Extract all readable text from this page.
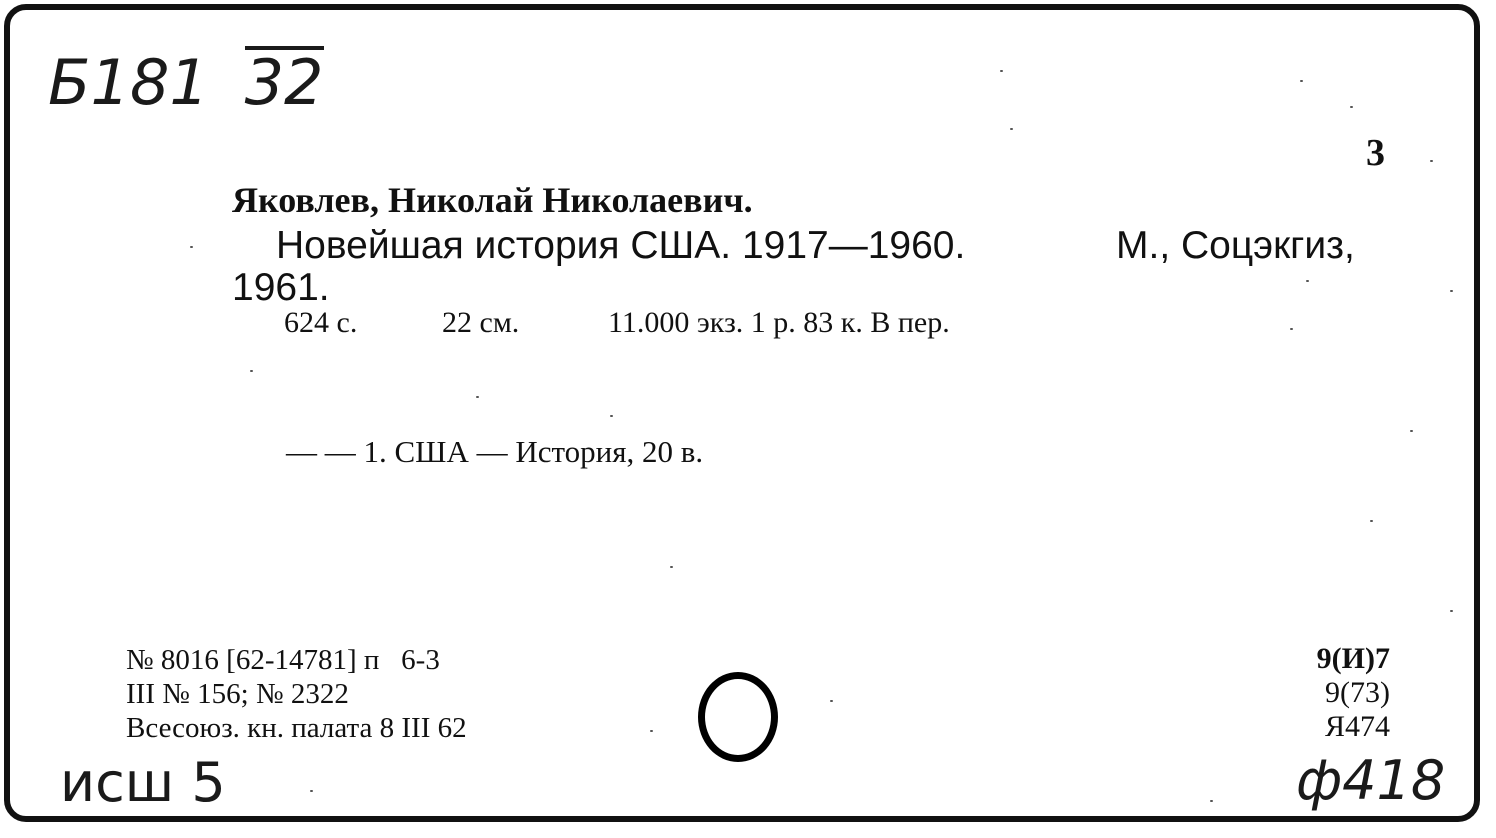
Б181 32
3
Яковлев, Николай Николаевич.
Новейшая история США. 1917—1960.	М., Соцэкгиз,
1961.
624 с.	22 см.	11.000 экз. 1 р. 83 к. В пер.
— — 1. США — История, 20 в.
№ 8016 [62-14781] п   6-3
III № 156; № 2322
Всесоюз. кн. палата 8 III 62
9(И)7
9(73)
Я474
исш 5	ф418
